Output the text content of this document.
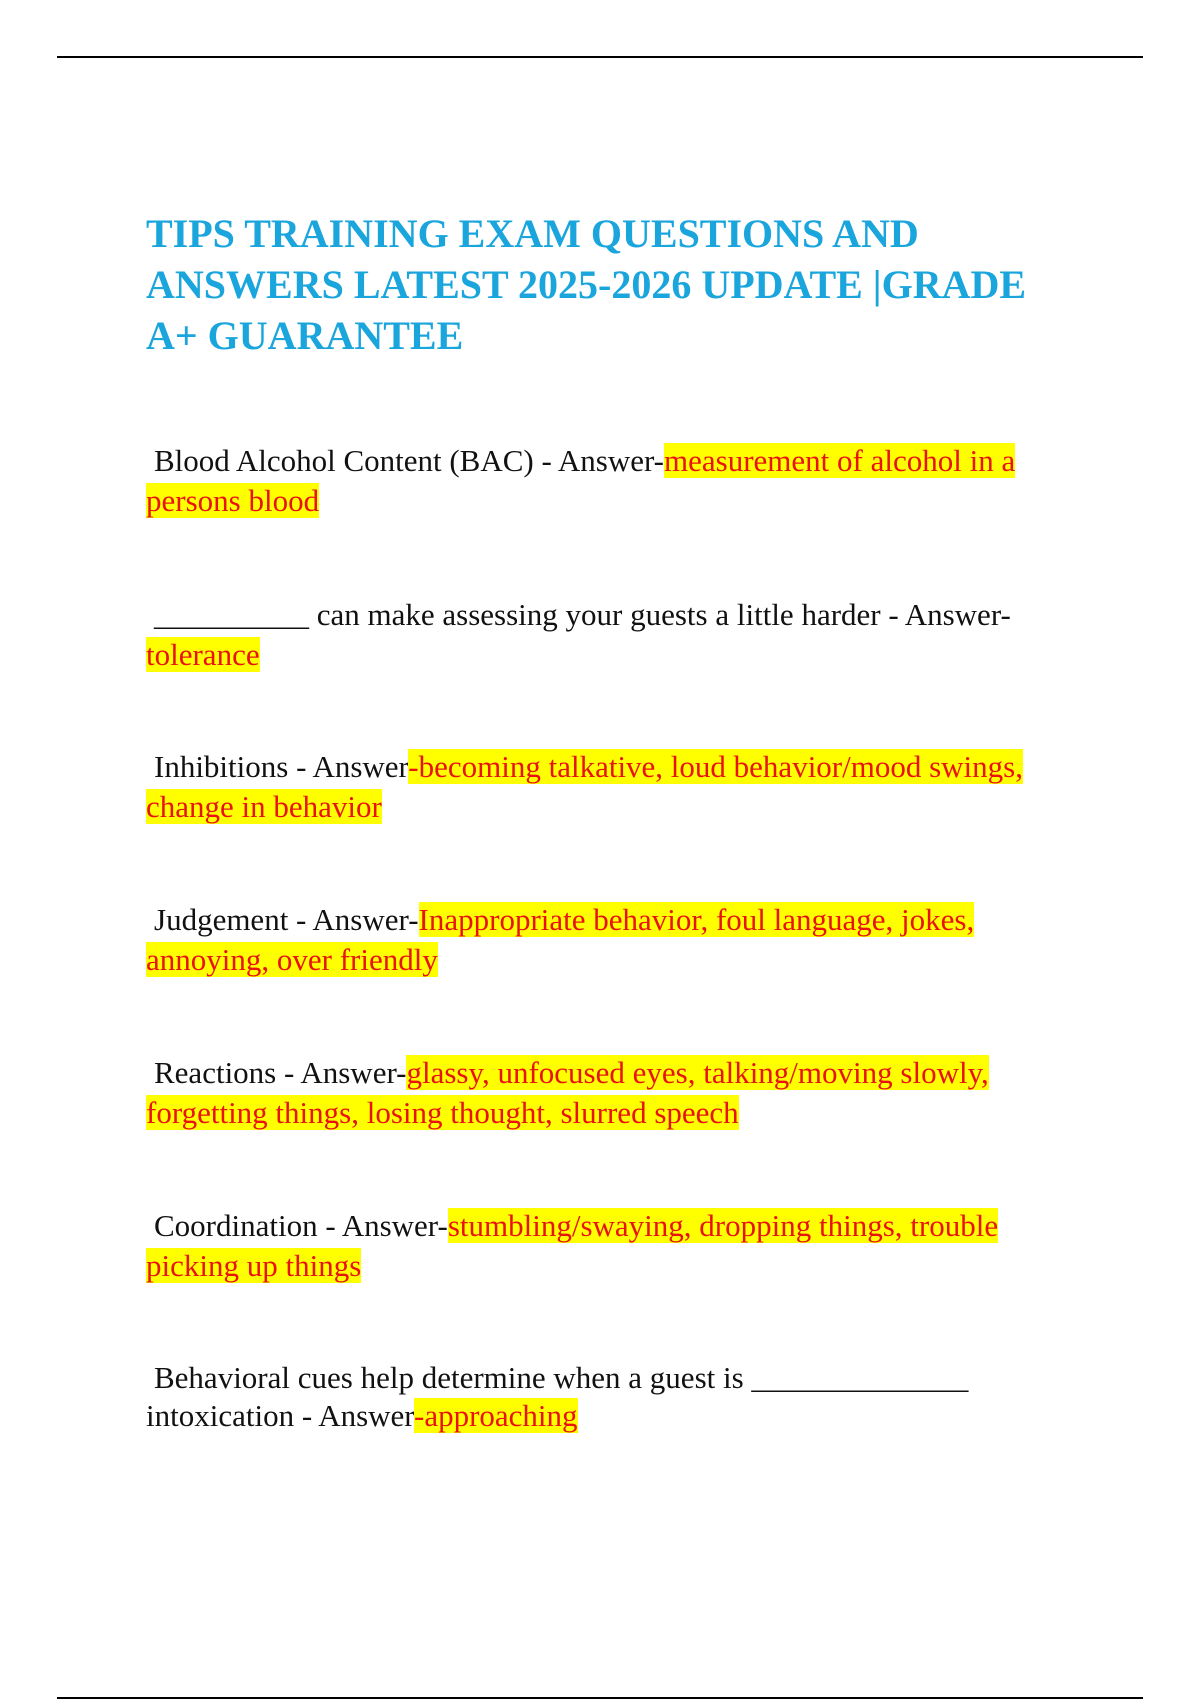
TIPS TRAINING EXAM QUESTIONS AND ANSWERS LATEST 2025-2026 UPDATE |GRADE A+ GUARANTEE

Blood Alcohol Content (BAC) - Answer-measurement of alcohol in a persons blood

__________ can make assessing your guests a little harder - Answer-tolerance

Inhibitions - Answer-becoming talkative, loud behavior/mood swings, change in behavior

Judgement - Answer-Inappropriate behavior, foul language, jokes, annoying, over friendly

Reactions - Answer-glassy, unfocused eyes, talking/moving slowly, forgetting things, losing thought, slurred speech

Coordination - Answer-stumbling/swaying, dropping things, trouble picking up things

Behavioral cues help determine when a guest is ______________ intoxication - Answer-approaching
